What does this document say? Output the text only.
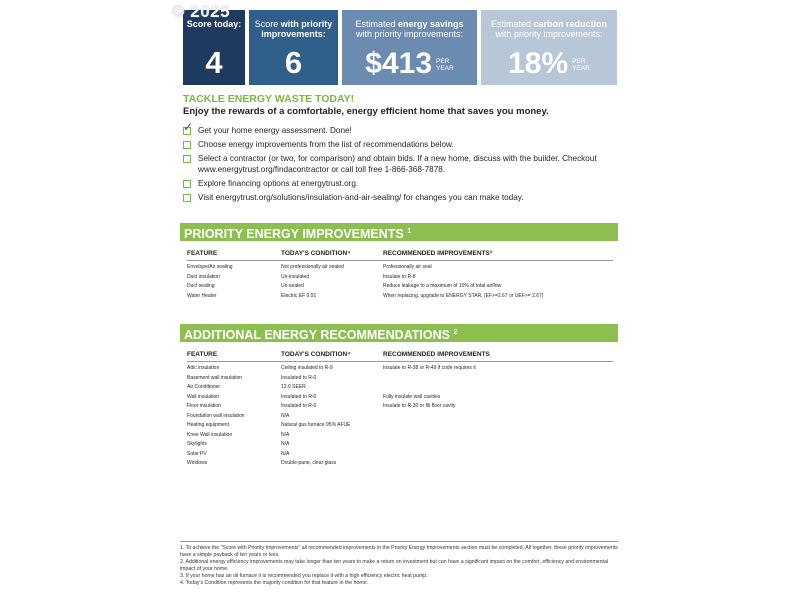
© 2025
Score today:
4
Score with priority improvements:
6
Estimated energy savings
with priority improvements:
$413 PER
YEAR
Estimated carbon reduction
with priority improvements:
18% PER
YEAR
TACKLE ENERGY WASTE TODAY!
Enjoy the rewards of a comfortable, energy efficient home that saves you money.
✓ Get your home energy assessment. Done!
Choose energy improvements from the list of recommendations below.
Select a contractor (or two, for comparison) and obtain bids. If a new home, discuss with the builder. Checkout www.energytrust.org/findacontractor or call toll free 1-866-368-7878.
Explore financing options at energytrust.org.
Visit energytrust.org/solutions/insulation-and-air-sealing/ for changes you can make today.
PRIORITY ENERGY IMPROVEMENTS $^1$
FEATURE	TODAY'S CONDITION⁴	RECOMMENDED IMPROVEMENTS³
Envelope/Air sealing	Not professionally air sealed	Professionally air seal
Duct insulation	Un-insulated	Insulate to R-8
Duct sealing	Un-sealed	Reduce leakage to a maximum of 10% of total airflow
Water Heater	Electric EF 0.91	When replacing, upgrade to ENERGY STAR, (EF>=2.67 or UEF>= 2.67)
ADDITIONAL ENERGY RECOMMENDATIONS $^2$
FEATURE	TODAY'S CONDITION⁴	RECOMMENDED IMPROVEMENTS
Attic insulation	Ceiling insulated to R-9	Insulate to R-38 or R-49 if code requires it
Basement wall insulation	Insulated to R-0
Air Conditioner	13.0 SEER
Wall insulation	Insulated to R-0	Fully insulate wall cavities
Floor insulation	Insulated to R-0	Insulate to R-30 or fill floor cavity
Foundation wall insulation	N/A
Heating equipment	Natural gas furnace 95% AFUE
Knee Wall insulation	N/A
Skylights	N/A
Solar PV	N/A
Windows	Double-pane, clear glass
1. To achieve the "Score with Priority Improvements" all recommended improvements in the Priority Energy Improvements section must be completed. All together, these priority improvements have a simple payback of ten years or less.
2. Additional energy efficiency improvements may take longer than ten years to make a return on investment but can have a significant impact on the comfort, efficiency and environmental impact of your home.
3. If your home has an oil furnace it is recommended you replace it with a high efficiency electric heat pump.
4. Today's Condition represents the majority condition for that feature in the home.
